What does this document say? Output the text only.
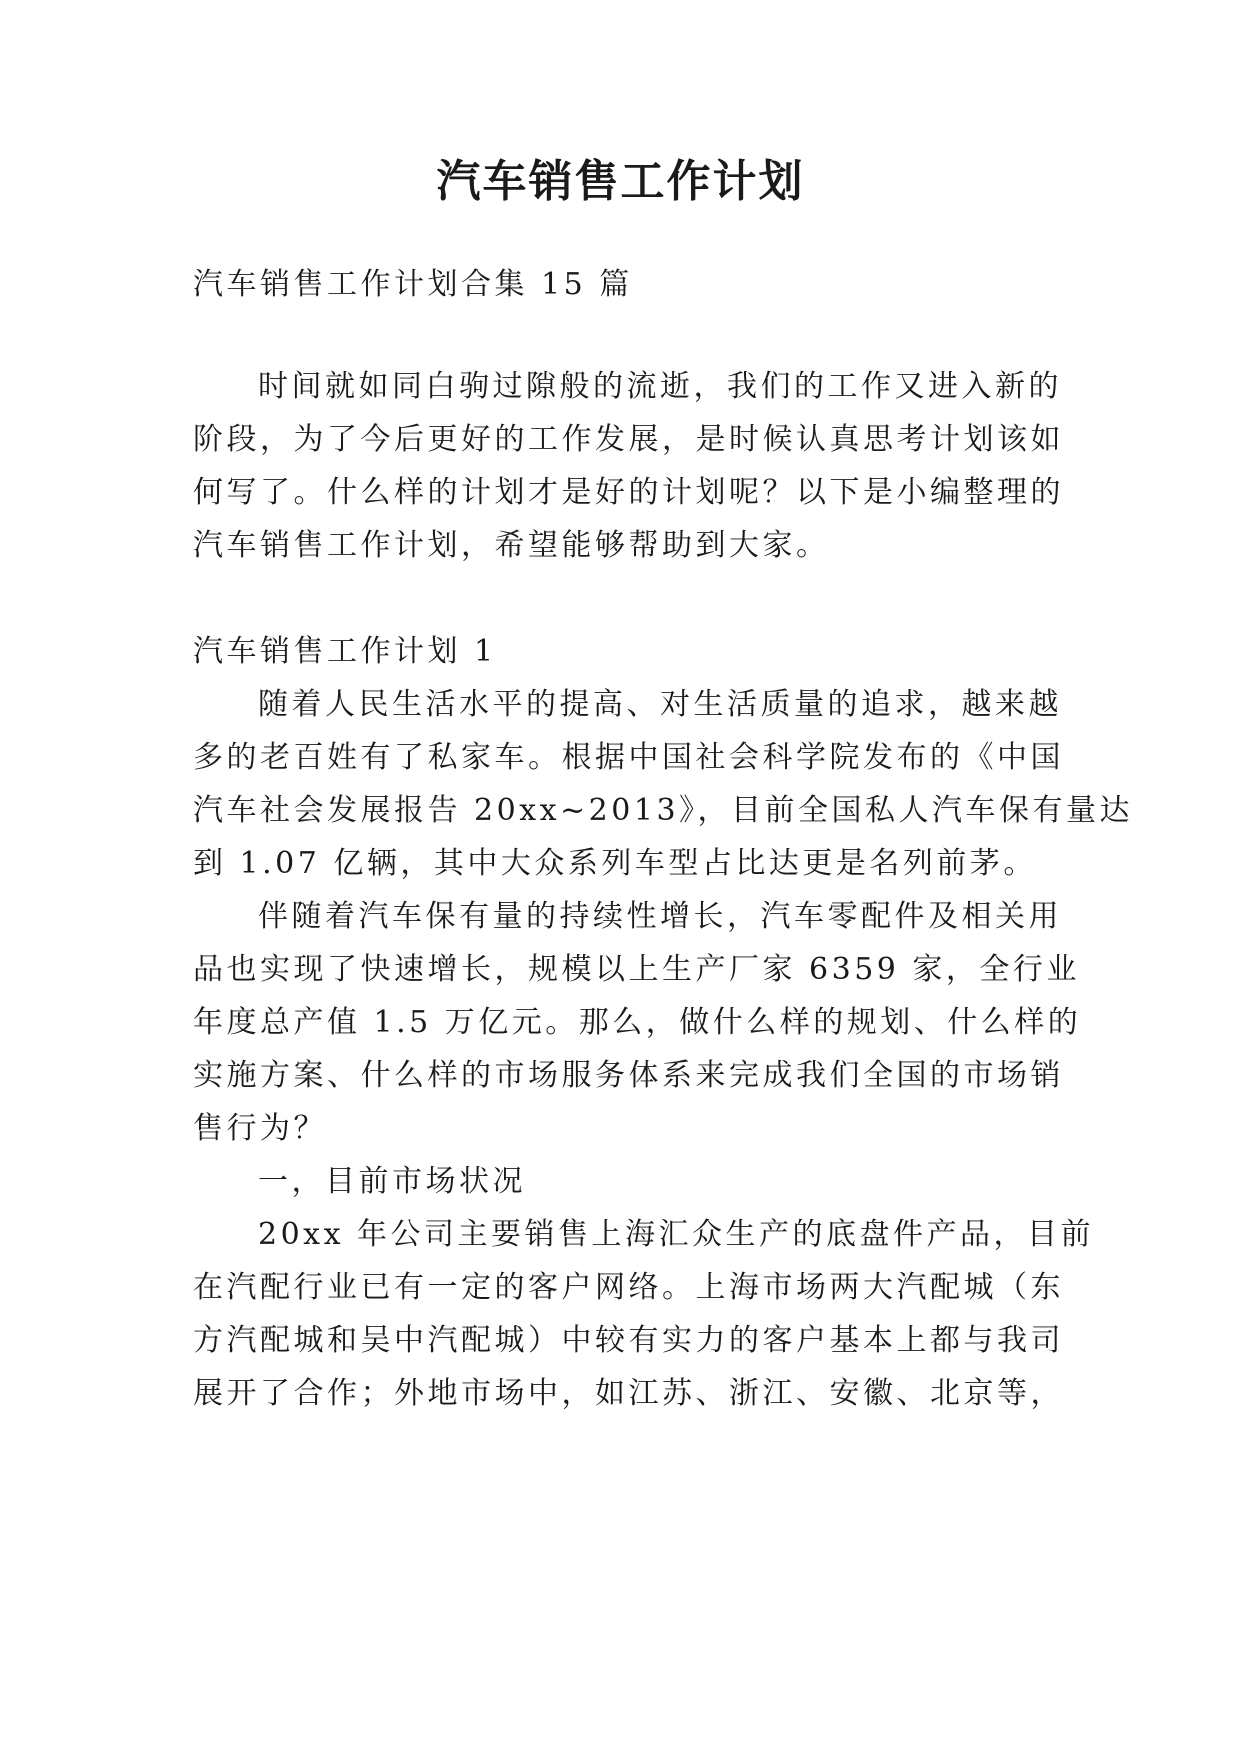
汽车销售工作计划
汽车销售工作计划合集 15 篇
时间就如同白驹过隙般的流逝，我们的工作又进入新的
阶段，为了今后更好的工作发展，是时候认真思考计划该如
何写了。什么样的计划才是好的计划呢？以下是小编整理的
汽车销售工作计划，希望能够帮助到大家。
汽车销售工作计划 1
随着人民生活水平的提高、对生活质量的追求，越来越
多的老百姓有了私家车。根据中国社会科学院发布的《中国
汽车社会发展报告 20xx~2013》，目前全国私人汽车保有量达
到 1.07 亿辆，其中大众系列车型占比达更是名列前茅。
伴随着汽车保有量的持续性增长，汽车零配件及相关用
品也实现了快速增长，规模以上生产厂家 6359 家，全行业
年度总产值 1.5 万亿元。那么，做什么样的规划、什么样的
实施方案、什么样的市场服务体系来完成我们全国的市场销
售行为？
一，目前市场状况
20xx 年公司主要销售上海汇众生产的底盘件产品，目前
在汽配行业已有一定的客户网络。上海市场两大汽配城（东
方汽配城和吴中汽配城）中较有实力的客户基本上都与我司
展开了合作；外地市场中，如江苏、浙江、安徽、北京等，
